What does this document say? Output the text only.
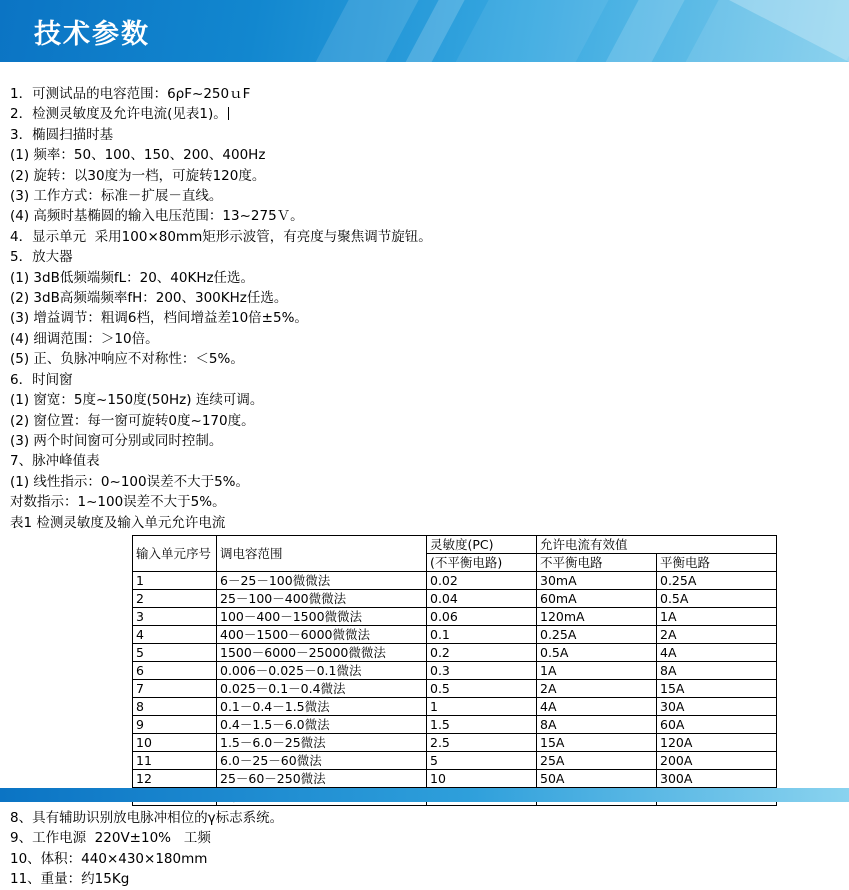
技术参数
1．可测试品的电容范围：6ρF~250ｕF
2．检测灵敏度及允许电流(见表1)。
3．椭圆扫描时基
(1) 频率：50、100、150、200、400Hz
(2) 旋转：以30度为一档，可旋转120度。
(3) 工作方式：标准－扩展－直线。
(4) 高频时基椭圆的输入电压范围：13~275Ｖ。
4．显示单元  采用100×80mm矩形示波管，有亮度与聚焦调节旋钮。
5．放大器
(1) 3dB低频端频fL：20、40KHz任选。
(2) 3dB高频端频率fH：200、300KHz任选。
(3) 增益调节：粗调6档，档间增益差10倍±5%。
(4) 细调范围：＞10倍。
(5) 正、负脉冲响应不对称性：＜5%。
6．时间窗
(1) 窗宽：5度~150度(50Hz) 连续可调。
(2) 窗位置：每一窗可旋转0度~170度。
(3) 两个时间窗可分别或同时控制。
7、脉冲峰值表
(1) 线性指示：0~100误差不大于5%。
对数指示：1~100误差不大于5%。
表1 检测灵敏度及输入单元允许电流
输入单元序号	调电容范围	灵敏度(PC)	允许电流有效值	
		(不平衡电路)	不平衡电路	平衡电路
1	6－25－100微微法	0.02	30mA	0.25A
2	25－100－400微微法	0.04	60mA	0.5A
3	100－400－1500微微法	0.06	120mA	1A
4	400－1500－6000微微法	0.1	0.25A	2A
5	1500－6000－25000微微法	0.2	0.5A	4A
6	0.006－0.025－0.1微法	0.3	1A	8A
7	0.025－0.1－0.4微法	0.5	2A	15A
8	0.1－0.4－1.5微法	1	4A	30A
9	0.4－1.5－6.0微法	1.5	8A	60A
10	1.5－6.0－25微法	2.5	15A	120A
11	6.0－25－60微法	5	25A	200A
12	25－60－250微法	10	50A	300A

8、具有辅助识别放电脉冲相位的γ标志系统。
9、工作电源  220V±10%   工频
10、体积：440×430×180mm
11、重量：约15Kg
